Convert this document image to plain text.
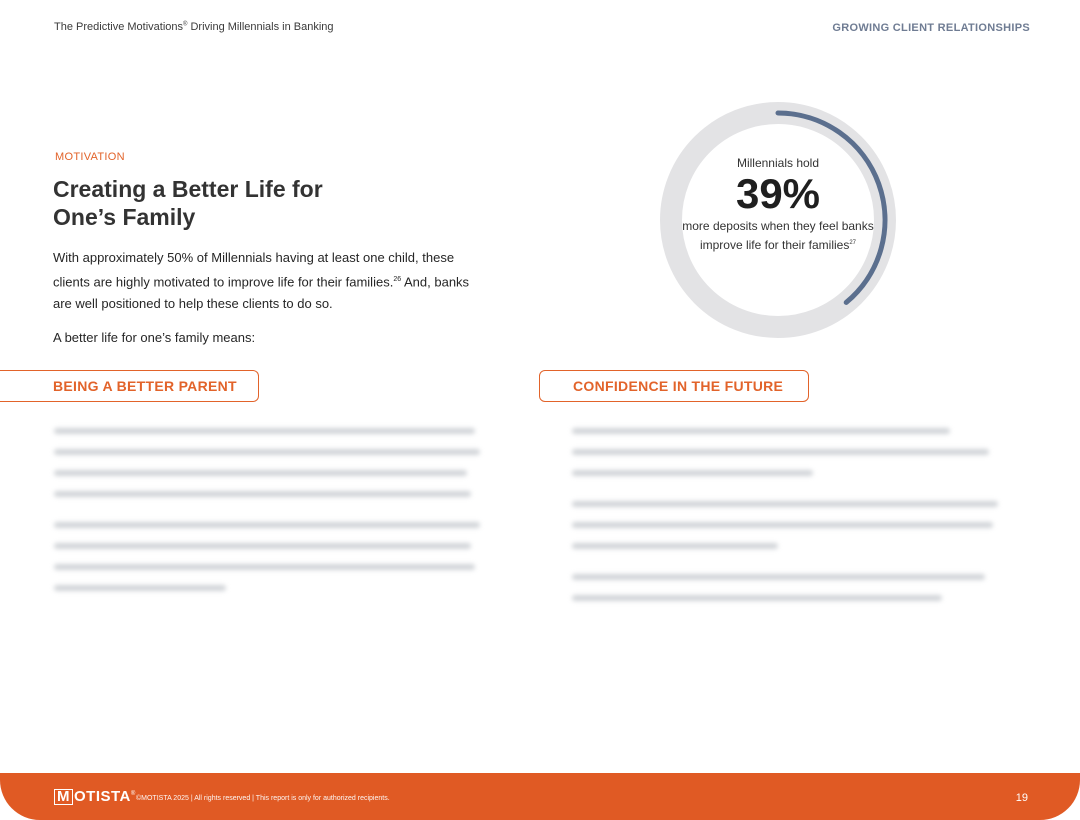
The Predictive Motivations® Driving Millennials in Banking	GROWING CLIENT RELATIONSHIPS
MOTIVATION
Creating a Better Life for One’s Family

With approximately 50% of Millennials having at least one child, these clients are highly motivated to improve life for their families.$^{26}$ And, banks are well positioned to help these clients to do so.

A better life for one’s family means:

Millennials hold
39%
more deposits when they feel banks improve life for their families$^{27}$
BEING A BETTER PARENT	CONFIDENCE IN THE FUTURE
M OTISTA®
©MOTISTA 2025 | All rights reserved | This report is only for authorized recipients.	19
